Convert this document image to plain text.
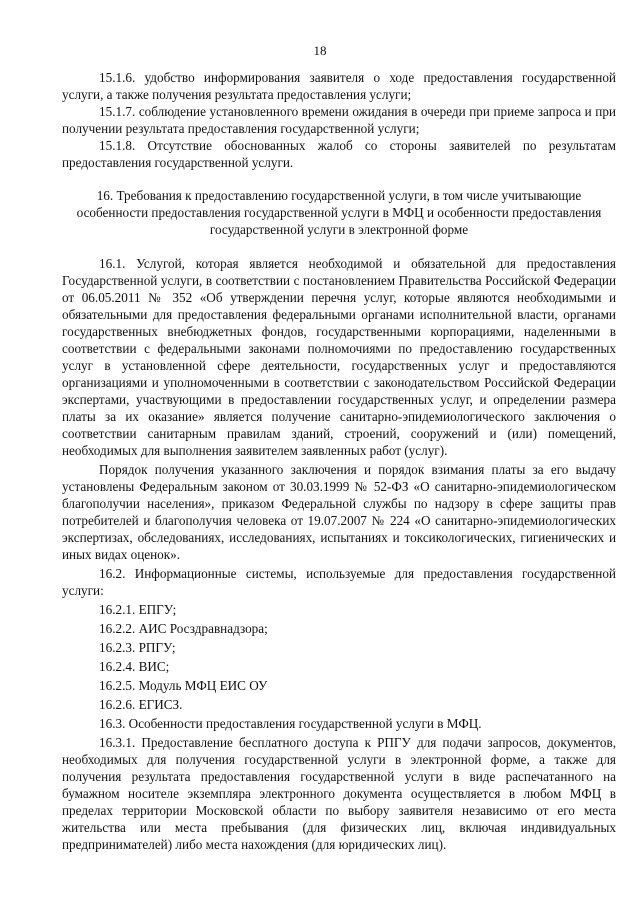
18

15.1.6. удобство информирования заявителя о ходе предоставления государственной услуги, а также получения результата предоставления услуги;

15.1.7. соблюдение установленного времени ожидания в очереди при приеме запроса и при получении результата предоставления государственной услуги;

15.1.8. Отсутствие обоснованных жалоб со стороны заявителей по результатам предоставления государственной услуги.

16. Требования к предоставлению государственной услуги, в том числе учитывающие особенности предоставления государственной услуги в МФЦ и особенности предоставления государственной услуги в электронной форме

16.1. Услугой, которая является необходимой и обязательной для предоставления Государственной услуги, в соответствии с постановлением Правительства Российской Федерации от 06.05.2011 № 352 «Об утверждении перечня услуг, которые являются необходимыми и обязательными для предоставления федеральными органами исполнительной власти, органами государственных внебюджетных фондов, государственными корпорациями, наделенными в соответствии с федеральными законами полномочиями по предоставлению государственных услуг в установленной сфере деятельности, государственных услуг и предоставляются организациями и уполномоченными в соответствии с законодательством Российской Федерации экспертами, участвующими в предоставлении государственных услуг, и определении размера платы за их оказание» является получение санитарно-эпидемиологического заключения о соответствии санитарным правилам зданий, строений, сооружений и (или) помещений, необходимых для выполнения заявителем заявленных работ (услуг).

Порядок получения указанного заключения и порядок взимания платы за его выдачу установлены Федеральным законом от 30.03.1999 № 52-ФЗ «О санитарно-эпидемиологическом благополучии населения», приказом Федеральной службы по надзору в сфере защиты прав потребителей и благополучия человека от 19.07.2007 № 224 «О санитарно-эпидемиологических экспертизах, обследованиях, исследованиях, испытаниях и токсикологических, гигиенических и иных видах оценок».

16.2. Информационные системы, используемые для предоставления государственной услуги:

16.2.1. ЕПГУ;

16.2.2. АИС Росздравнадзора;

16.2.3. РПГУ;

16.2.4. ВИС;

16.2.5. Модуль МФЦ ЕИС ОУ

16.2.6. ЕГИСЗ.

16.3. Особенности предоставления государственной услуги в МФЦ.

16.3.1. Предоставление бесплатного доступа к РПГУ для подачи запросов, документов, необходимых для получения государственной услуги в электронной форме, а также для получения результата предоставления государственной услуги в виде распечатанного на бумажном носителе экземпляра электронного документа осуществляется в любом МФЦ в пределах территории Московской области по выбору заявителя независимо от его места жительства или места пребывания (для физических лиц, включая индивидуальных предпринимателей) либо места нахождения (для юридических лиц).
